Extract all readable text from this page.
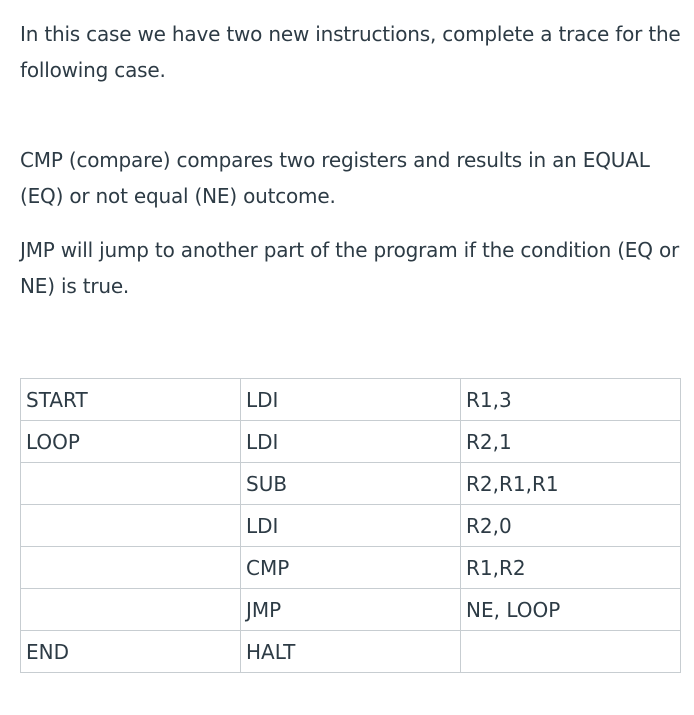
In this case we have two new instructions, complete a trace for the following case.

CMP (compare) compares two registers and results in an EQUAL (EQ) or not equal (NE) outcome.

JMP will jump to another part of the program if the condition (EQ or NE) is true.

START	LDI	R1,3
LOOP	LDI	R2,1
	SUB	R2,R1,R1
	LDI	R2,0
	CMP	R1,R2
	JMP	NE, LOOP
END	HALT	
